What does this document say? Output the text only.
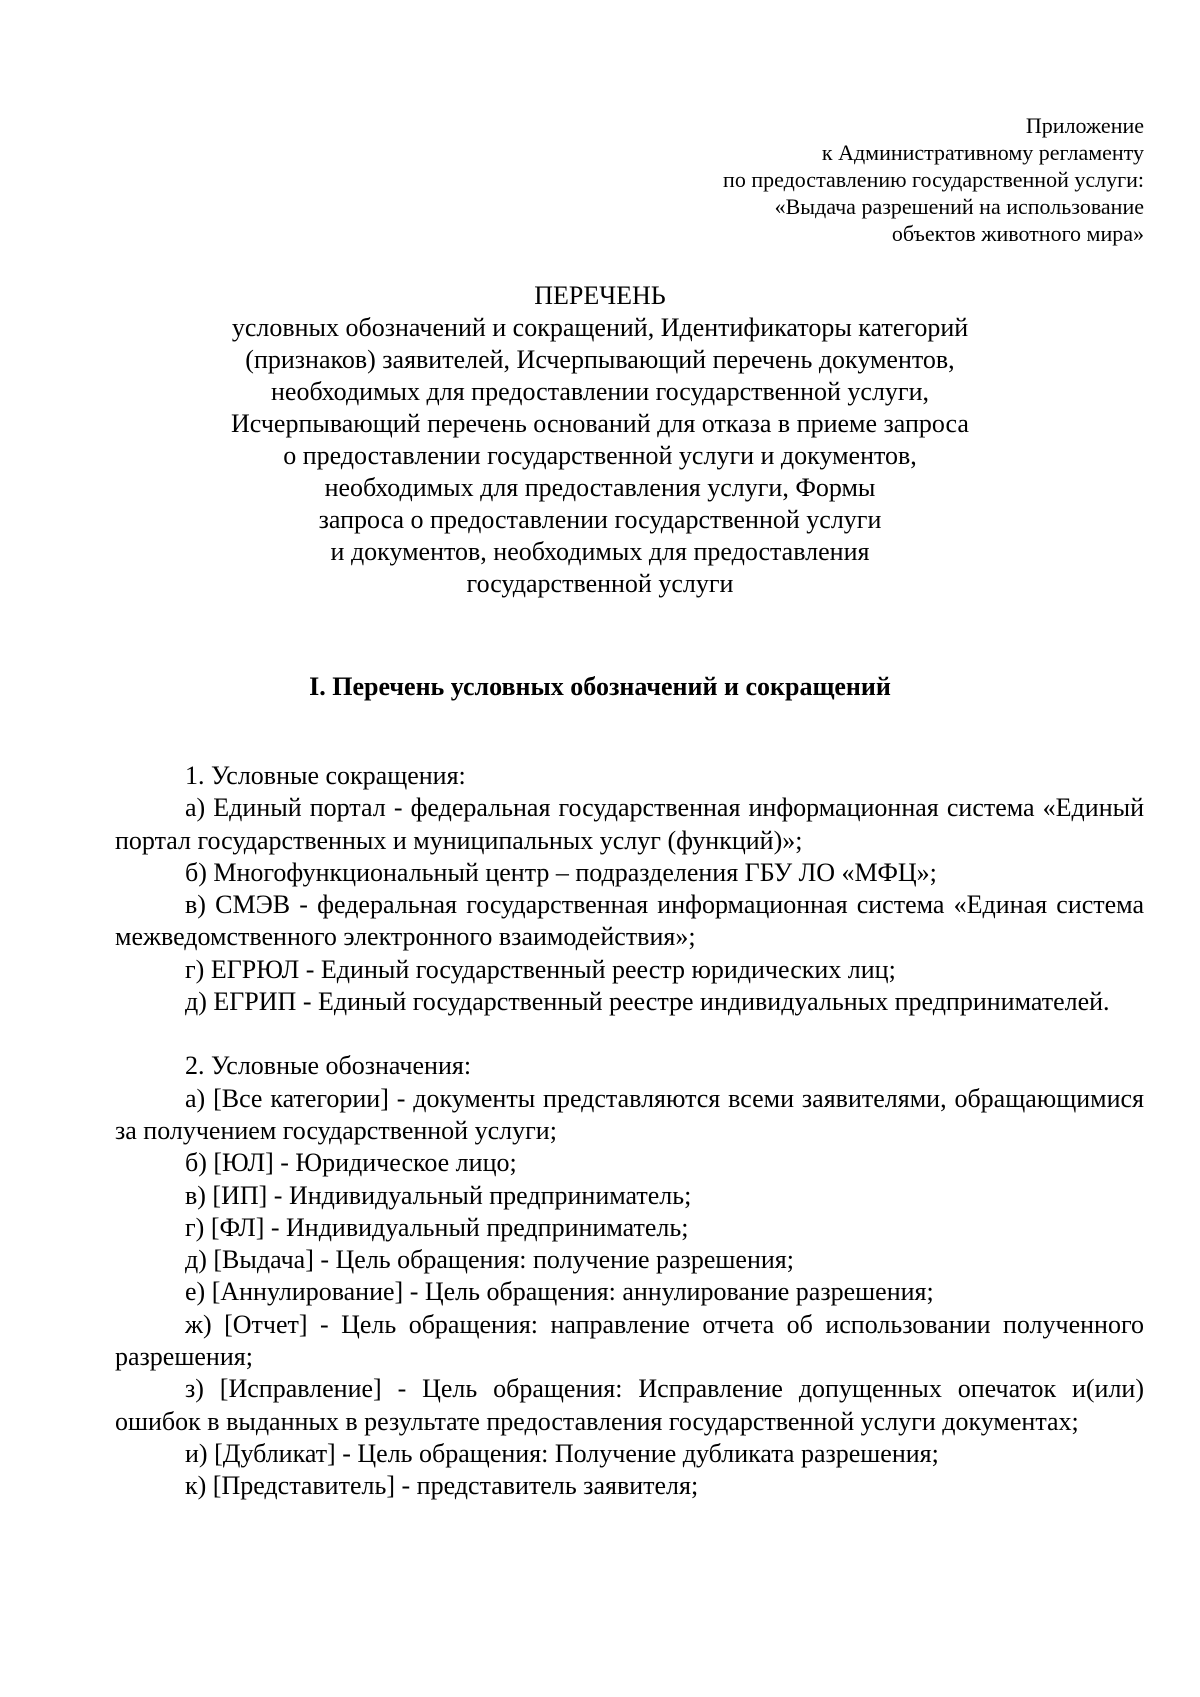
Приложение
к Административному регламенту
по предоставлению государственной услуги:
«Выдача разрешений на использование
объектов животного мира»
ПЕРЕЧЕНЬ
условных обозначений и сокращений, Идентификаторы категорий
(признаков) заявителей, Исчерпывающий перечень документов,
необходимых для предоставлении государственной услуги,
Исчерпывающий перечень оснований для отказа в приеме запроса
о предоставлении государственной услуги и документов,
необходимых для предоставления услуги, Формы
запроса о предоставлении государственной услуги
и документов, необходимых для предоставления
государственной услуги
I. Перечень условных обозначений и сокращений

1. Условные сокращения:

а) Единый портал - федеральная государственная информационная система «Единый портал государственных и муниципальных услуг (функций)»;

б) Многофункциональный центр – подразделения ГБУ ЛО «МФЦ»;

в) СМЭВ - федеральная государственная информационная система «Единая система межведомственного электронного взаимодействия»;

г) ЕГРЮЛ - Единый государственный реестр юридических лиц;

д) ЕГРИП - Единый государственный реестре индивидуальных предпринимателей.

2. Условные обозначения:

а) [Все категории] - документы представляются всеми заявителями, обращающимися за получением государственной услуги;

б) [ЮЛ] - Юридическое лицо;

в) [ИП] - Индивидуальный предприниматель;

г) [ФЛ] - Индивидуальный предприниматель;

д) [Выдача] - Цель обращения: получение разрешения;

е) [Аннулирование] - Цель обращения: аннулирование разрешения;

ж) [Отчет] - Цель обращения: направление отчета об использовании полученного разрешения;

з) [Исправление] - Цель обращения: Исправление допущенных опечаток и(или) ошибок в выданных в результате предоставления государственной услуги документах;

и) [Дубликат] - Цель обращения: Получение дубликата разрешения;

к) [Представитель] - представитель заявителя;
